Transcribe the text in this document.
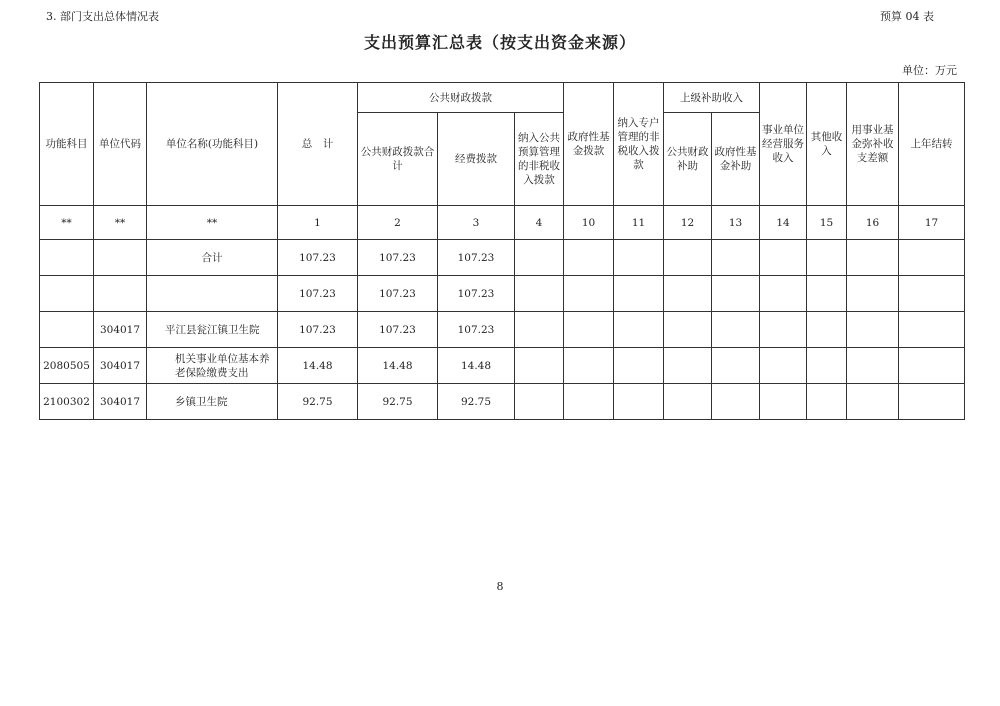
3. 部门支出总体情况表	预算 04 表
支出预算汇总表（按支出资金来源）
单位：万元
功能科目	单位代码	单位名称(功能科目)	总　计	公共财政拨款			政府性基金拨款	纳入专户管理的非税收入拨款	上级补助收入		事业单位经营服务收入	其他收入	用事业基金弥补收支差额	上年结转
				公共财政拨款合计	经费拨款	纳入公共预算管理的非税收入拨款			公共财政补助	政府性基金补助				
**	**	**	1	2	3	4	10	11	12	13	14	15	16	17
		合计	107.23	107.23	107.23									
			107.23	107.23	107.23									
	304017	平江县瓮江镇卫生院	107.23	107.23	107.23									
2080505	304017	机关事业单位基本养老保险缴费支出	14.48	14.48	14.48									
2100302	304017	乡镇卫生院	92.75	92.75	92.75									
8
